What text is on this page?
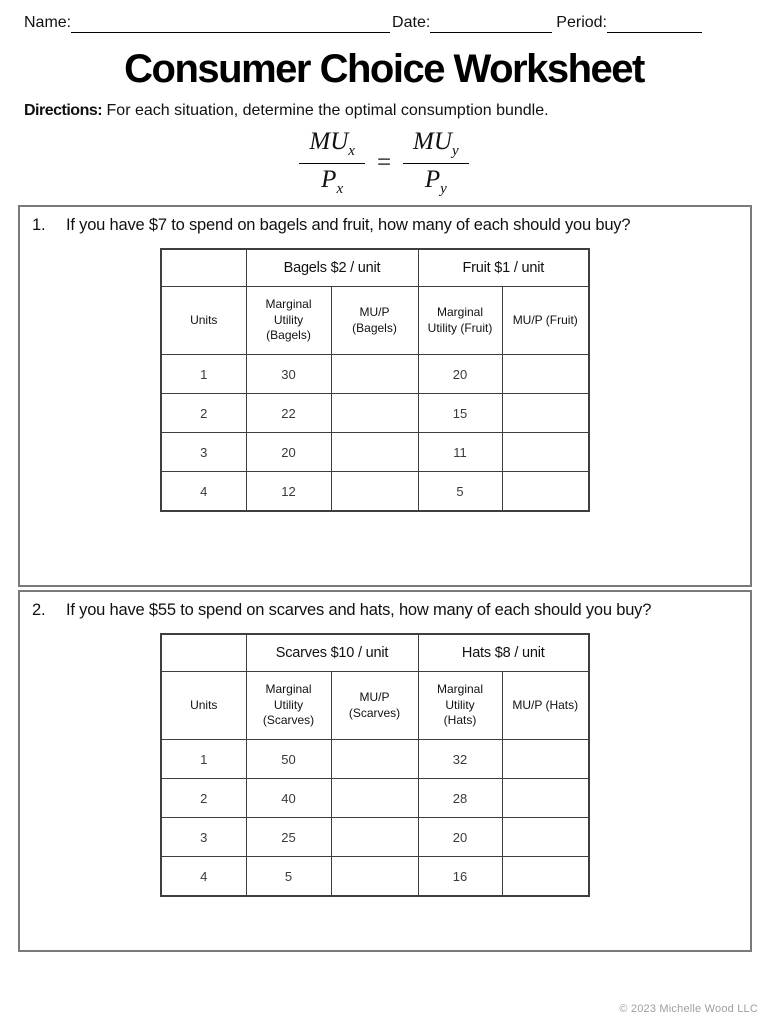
Name:	Date:	Period:
Consumer Choice Worksheet

Directions: For each situation, determine the optimal consumption bundle.

$\frac{MU_x}{P_x} = \frac{MU_y}{P_y}$
1.	If you have $7 to spend on bagels and fruit, how many of each should you buy?
	Bagels $2 / unit		Fruit $1 / unit	
Units	Marginal Utility (Bagels)	MU/P (Bagels)	Marginal Utility (Fruit)	MU/P (Fruit)
1	30		20	
2	22		15	
3	20		11	
4	12		5	
2.	If you have $55 to spend on scarves and hats, how many of each should you buy?
	Scarves $10 / unit		Hats $8 / unit	
Units	Marginal Utility (Scarves)	MU/P (Scarves)	Marginal Utility (Hats)	MU/P (Hats)
1	50		32	
2	40		28	
3	25		20	
4	5		16	
© 2023 Michelle Wood LLC
